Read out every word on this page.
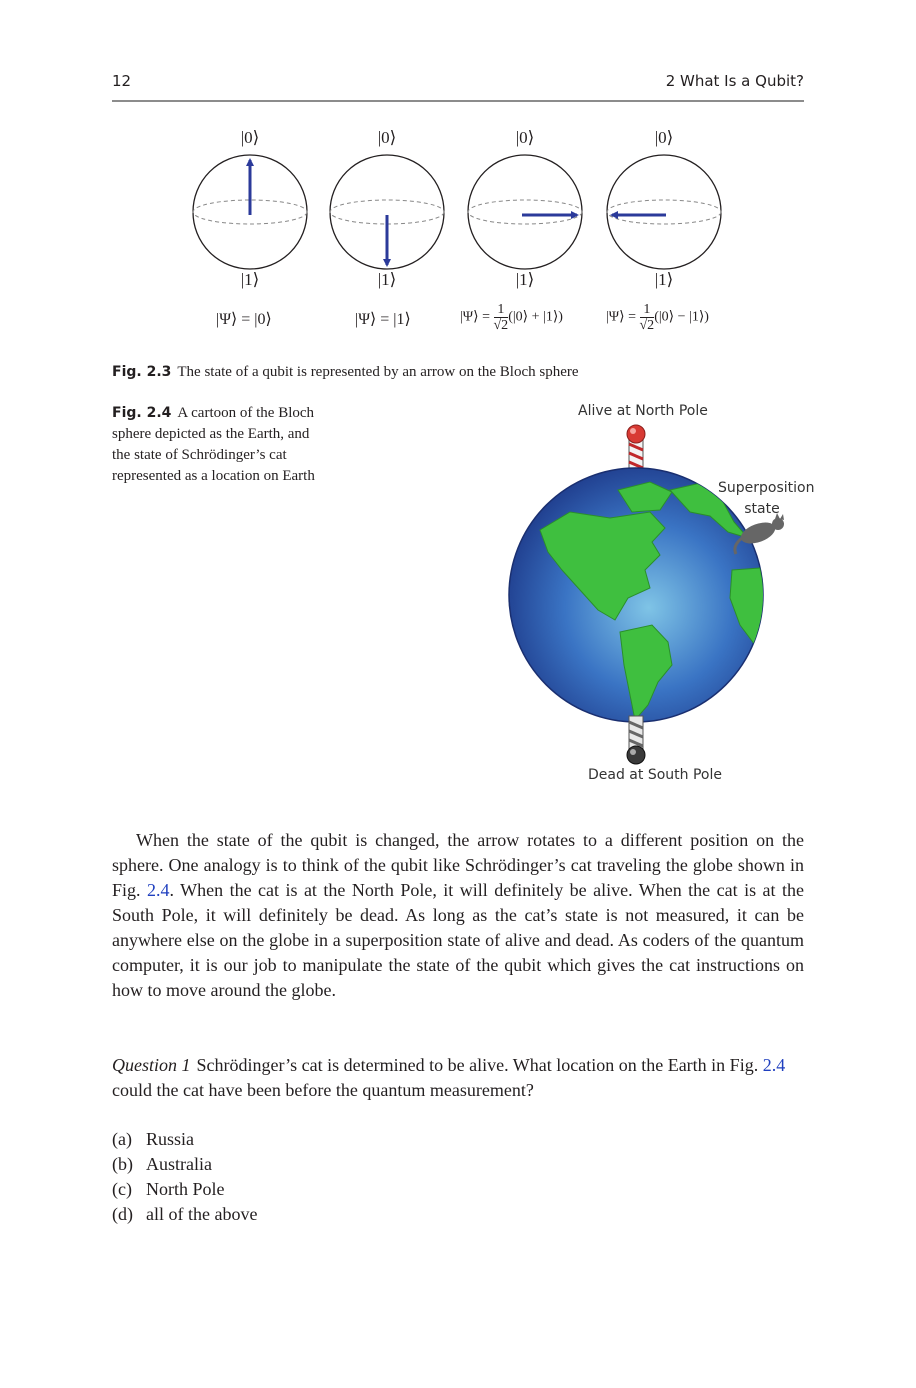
12	2 What Is a Qubit?
|0⟩	|0⟩	|0⟩	|0⟩
|1⟩	|1⟩	|1⟩	|1⟩
|Ψ⟩ = |0⟩	|Ψ⟩ = |1⟩	|Ψ⟩ = $\frac{1}{√2}$ (|0⟩ + |1⟩)	|Ψ⟩ = $\frac{1}{√2}$ (|0⟩ − |1⟩)
Fig. 2.3 The state of a qubit is represented by an arrow on the Bloch sphere
Fig. 2.4 A cartoon of the Bloch sphere depicted as the Earth, and the state of Schrödinger’s cat represented as a location on Earth
Alive at North Pole
Superposition
state
Dead at South Pole

When the state of the qubit is changed, the arrow rotates to a different position on the sphere. One analogy is to think of the qubit like Schrödinger’s cat traveling the globe shown in Fig. 2.4. When the cat is at the North Pole, it will definitely be alive. When the cat is at the South Pole, it will definitely be dead. As long as the cat’s state is not measured, it can be anywhere else on the globe in a superposition state of alive and dead. As coders of the quantum computer, it is our job to manipulate the state of the qubit which gives the cat instructions on how to move around the globe.

Question 1 Schrödinger’s cat is determined to be alive. What location on the Earth in Fig. 2.4 could the cat have been before the quantum measurement?
(a) Russia
(b) Australia
(c) North Pole
(d) all of the above
